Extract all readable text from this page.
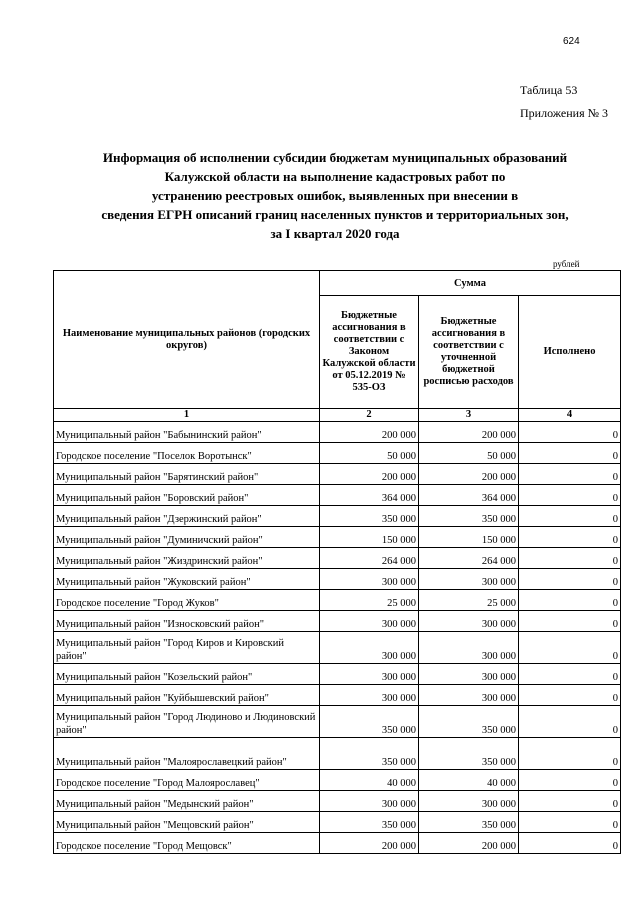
624
Таблица 53
Приложения № 3
Информация об исполнении субсидии бюджетам муниципальных образований
Калужской области на выполнение кадастровых работ по
устранению реестровых ошибок, выявленных при внесении в
сведения ЕГРН описаний границ населенных пунктов и территориальных зон,
за I квартал 2020 года
рублей
Наименование муниципальных районов (городских округов)	Сумма		
	Бюджетные ассигнования в соответствии с Законом Калужской области от 05.12.2019 № 535-ОЗ	Бюджетные ассигнования в соответствии с уточненной бюджетной росписью расходов	Исполнено
1	2	3	4
Муниципальный район "Бабынинский район"	200 000	200 000	0
Городское поселение "Поселок Воротынск"	50 000	50 000	0
Муниципальный район "Барятинский район"	200 000	200 000	0
Муниципальный район "Боровский район"	364 000	364 000	0
Муниципальный район "Дзержинский район"	350 000	350 000	0
Муниципальный район "Думиничский район"	150 000	150 000	0
Муниципальный район "Жиздринский район"	264 000	264 000	0
Муниципальный район "Жуковский район"	300 000	300 000	0
Городское поселение "Город Жуков"	25 000	25 000	0
Муниципальный район "Износковский район"	300 000	300 000	0
Муниципальный район "Город Киров и Кировский район"	300 000	300 000	0
Муниципальный район "Козельский район"	300 000	300 000	0
Муниципальный район "Куйбышевский район"	300 000	300 000	0
Муниципальный район "Город Людиново и Людиновский район"	350 000	350 000	0
Муниципальный район "Малоярославецкий район"	350 000	350 000	0
Городское поселение "Город Малоярославец"	40 000	40 000	0
Муниципальный район "Медынский район"	300 000	300 000	0
Муниципальный район "Мещовский район"	350 000	350 000	0
Городское поселение "Город Мещовск"	200 000	200 000	0
